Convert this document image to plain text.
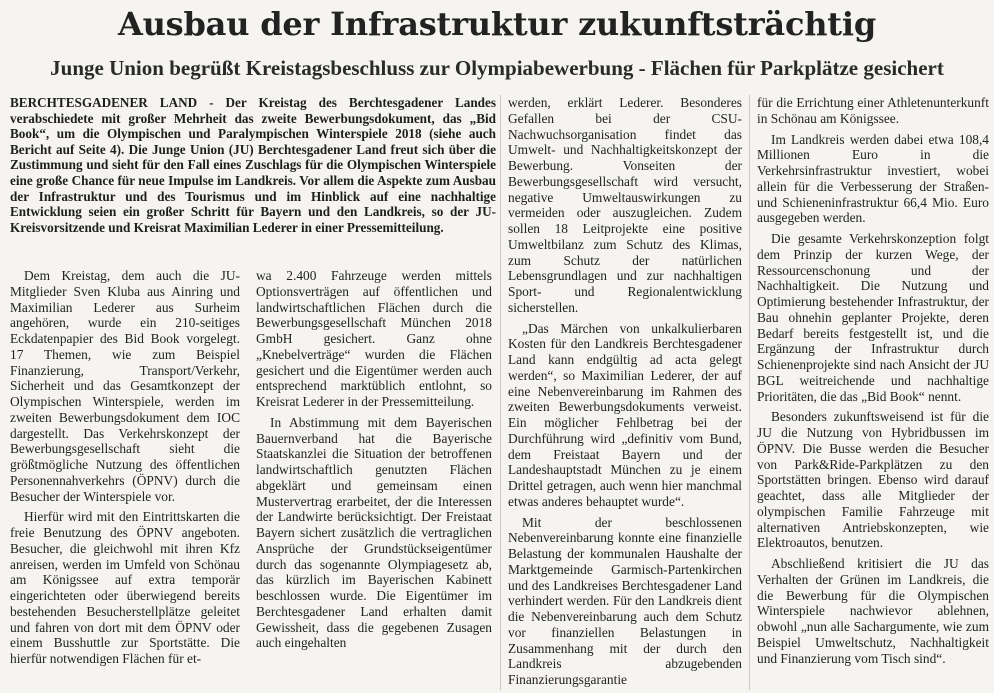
Ausbau der Infrastruktur zukunftsträchtig
Junge Union begrüßt Kreistagsbeschluss zur Olympiabewerbung - Flächen für Parkplätze gesichert
BERCHTESGADENER LAND - Der Kreistag des Berchtesgadener Landes verabschiedete mit großer Mehrheit das zweite Bewerbungsdokument, das „Bid Book“, um die Olympischen und Paralympischen Winterspiele 2018 (siehe auch Bericht auf Seite 4). Die Junge Union (JU) Berchtesgadener Land freut sich über die Zustimmung und sieht für den Fall eines Zuschlags für die Olympischen Winterspiele eine große Chance für neue Impulse im Landkreis. Vor allem die Aspekte zum Ausbau der Infrastruktur und des Tourismus und im Hinblick auf eine nachhaltige Entwicklung seien ein großer Schritt für Bayern und den Landkreis, so der JU-Kreisvorsitzende und Kreisrat Maximilian Lederer in einer Pressemitteilung.

Dem Kreistag, dem auch die JU-Mitglieder Sven Kluba aus Ainring und Maximilian Lederer aus Surheim angehören, wurde ein 210-seitiges Eckdatenpapier des Bid Book vorgelegt. 17 Themen, wie zum Beispiel Finanzierung, Transport/Verkehr, Sicherheit und das Gesamtkonzept der Olympischen Winterspiele, werden im zweiten Bewerbungsdokument dem IOC dargestellt. Das Verkehrskonzept der Bewerbungsgesellschaft sieht die größtmögliche Nutzung des öffentlichen Personennahverkehrs (ÖPNV) durch die Besucher der Winterspiele vor.

Hierfür wird mit den Eintrittskarten die freie Benutzung des ÖPNV angeboten. Besucher, die gleichwohl mit ihren Kfz anreisen, werden im Umfeld von Schönau am Königssee auf extra temporär eingerichteten oder überwiegend bereits bestehenden Besucherstellplätze geleitet und fahren von dort mit dem ÖPNV oder einem Busshuttle zur Sportstätte. Die hierfür notwendigen Flächen für et-

wa 2.400 Fahrzeuge werden mittels Optionsverträgen auf öffentlichen und landwirtschaftlichen Flächen durch die Bewerbungsgesellschaft München 2018 GmbH gesichert. Ganz ohne „Knebelverträge“ wurden die Flächen gesichert und die Eigentümer werden auch entsprechend marktüblich entlohnt, so Kreisrat Lederer in der Pressemitteilung.

In Abstimmung mit dem Bayerischen Bauernverband hat die Bayerische Staatskanzlei die Situation der betroffenen landwirtschaftlich genutzten Flächen abgeklärt und gemeinsam einen Mustervertrag erarbeitet, der die Interessen der Landwirte berücksichtigt. Der Freistaat Bayern sichert zusätzlich die vertraglichen Ansprüche der Grundstückseigentümer durch das sogenannte Olympiagesetz ab, das kürzlich im Bayerischen Kabinett beschlossen wurde. Die Eigentümer im Berchtesgadener Land erhalten damit Gewissheit, dass die gegebenen Zusagen auch eingehalten

werden, erklärt Lederer. Besonderes Gefallen bei der CSU-Nachwuchsorganisation findet das Umwelt- und Nachhaltigkeitskonzept der Bewerbung. Vonseiten der Bewerbungsgesellschaft wird versucht, negative Umweltauswirkungen zu vermeiden oder auszugleichen. Zudem sollen 18 Leitprojekte eine positive Umweltbilanz zum Schutz des Klimas, zum Schutz der natürlichen Lebensgrundlagen und zur nachhaltigen Sport- und Regionalentwicklung sicherstellen.

„Das Märchen von unkalkulierbaren Kosten für den Landkreis Berchtesgadener Land kann endgültig ad acta gelegt werden“, so Maximilian Lederer, der auf eine Nebenvereinbarung im Rahmen des zweiten Bewerbungsdokuments verweist. Ein möglicher Fehlbetrag bei der Durchführung wird „definitiv vom Bund, dem Freistaat Bayern und der Landeshauptstadt München zu je einem Drittel getragen, auch wenn hier manchmal etwas anderes behauptet wurde“.

Mit der beschlossenen Nebenvereinbarung konnte eine finanzielle Belastung der kommunalen Haushalte der Marktgemeinde Garmisch-Partenkirchen und des Landkreises Berchtesgadener Land verhindert werden. Für den Landkreis dient die Nebenvereinbarung auch dem Schutz vor finanziellen Belastungen in Zusammenhang mit der durch den Landkreis abzugebenden Finanzierungsgarantie

für die Errichtung einer Athletenunterkunft in Schönau am Königssee.

Im Landkreis werden dabei etwa 108,4 Millionen Euro in die Verkehrsinfrastruktur investiert, wobei allein für die Verbesserung der Straßen- und Schieneninfrastruktur 66,4 Mio. Euro ausgegeben werden.

Die gesamte Verkehrskonzeption folgt dem Prinzip der kurzen Wege, der Ressourcenschonung und der Nachhaltigkeit. Die Nutzung und Optimierung bestehender Infrastruktur, der Bau ohnehin geplanter Projekte, deren Bedarf bereits festgestellt ist, und die Ergänzung der Infrastruktur durch Schienenprojekte sind nach Ansicht der JU BGL weitreichende und nachhaltige Prioritäten, die das „Bid Book“ nennt.

Besonders zukunftsweisend ist für die JU die Nutzung von Hybridbussen im ÖPNV. Die Busse werden die Besucher von Park&Ride-Parkplätzen zu den Sportstätten bringen. Ebenso wird darauf geachtet, dass alle Mitglieder der olympischen Familie Fahrzeuge mit alternativen Antriebskonzepten, wie Elektroautos, benutzen.

Abschließend kritisiert die JU das Verhalten der Grünen im Landkreis, die die Bewerbung für die Olympischen Winterspiele nachwievor ablehnen, obwohl „nun alle Sachargumente, wie zum Beispiel Umweltschutz, Nachhaltigkeit und Finanzierung vom Tisch sind“.
